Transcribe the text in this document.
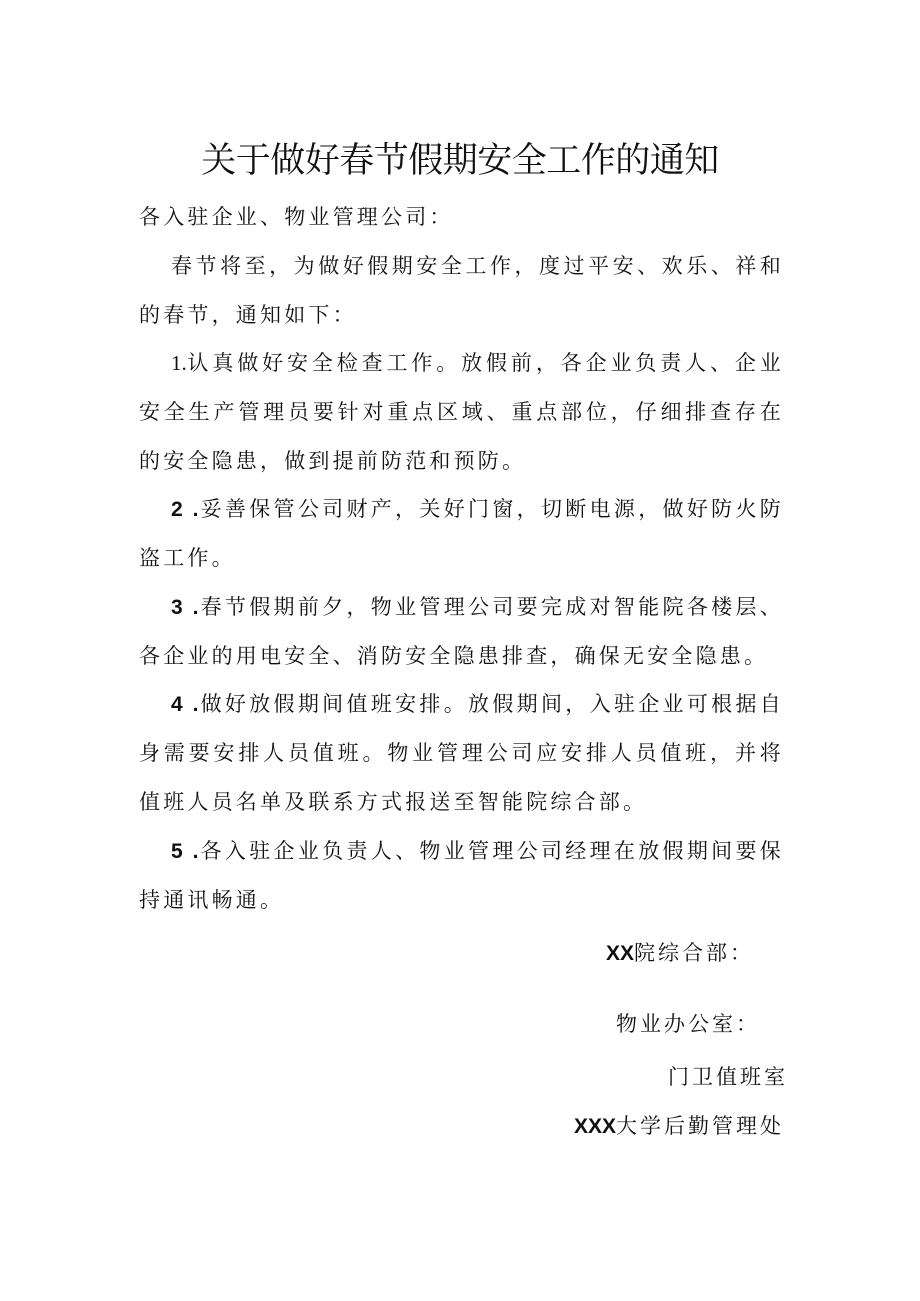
关于做好春节假期安全工作的通知
各入驻企业、物业管理公司：
春节将至，为做好假期安全工作，度过平安、欢乐、祥和的春节，通知如下：
1.认真做好安全检查工作。放假前，各企业负责人、企业安全生产管理员要针对重点区域、重点部位，仔细排查存在的安全隐患，做到提前防范和预防。
2 .妥善保管公司财产，关好门窗，切断电源，做好防火防盗工作。
3 .春节假期前夕，物业管理公司要完成对智能院各楼层、各企业的用电安全、消防安全隐患排查，确保无安全隐患。
4 .做好放假期间值班安排。放假期间，入驻企业可根据自身需要安排人员值班。物业管理公司应安排人员值班，并将值班人员名单及联系方式报送至智能院综合部。
5 .各入驻企业负责人、物业管理公司经理在放假期间要保持通讯畅通。
XX院综合部：
物业办公室：
门卫值班室
XXX大学后勤管理处
